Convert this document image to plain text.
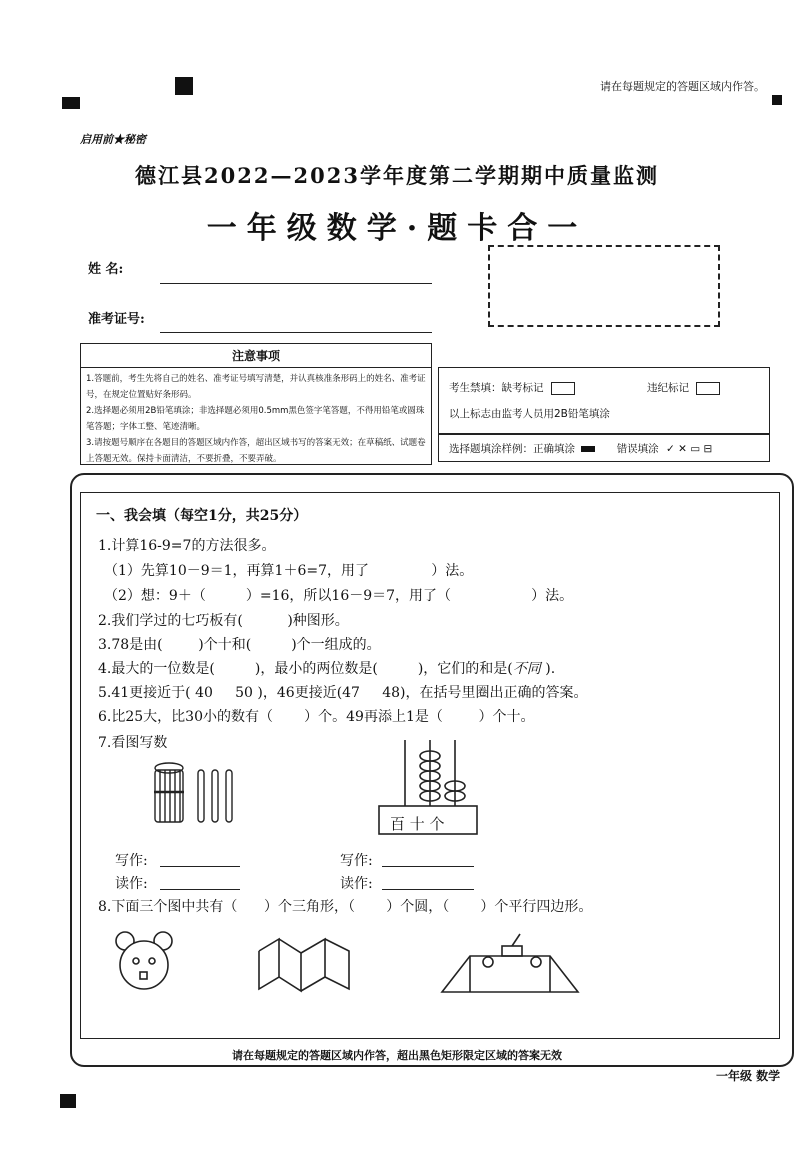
请在每题规定的答题区域内作答。
启用前★秘密
德江县2022—2023学年度第二学期期中质量监测
一年级数学·题卡合一
姓 名:
准考证号:
注意事项
1.答题前，考生先将自己的姓名、准考证号填写清楚，并认真核准条形码上的姓名、准考证号，在规定位置贴好条形码。
2.选择题必须用2B铅笔填涂；非选择题必须用0.5mm黑色签字笔答题，不得用铅笔或圆珠笔答题；字体工整、笔迹清晰。
3.请按题号顺序在各题目的答题区域内作答，超出区域书写的答案无效；在草稿纸、试题卷上答题无效。保持卡面清洁，不要折叠，不要弄破。
考生禁填：缺考标记	违纪标记
以上标志由监考人员用2B铅笔填涂
选择题填涂样例：正确填涂	错误填涂 ✓ ✕ ▭ ⊟
一、我会填（每空1分，共25分）
1.计算16-9=7的方法很多。
（1）先算10－9＝1，再算1＋6=7，用了              ）法。
（2）想：9＋（         ）=16，所以16－9＝7，用了（                  ）法。
2.我们学过的七巧板有(          )种图形。
3.78是由(        )个十和(         )个一组成的。
4.最大的一位数是(         )，最小的两位数是(         )，它们的和是(不同 ).
5.41更接近于( 40     50 )，46更接近(47     48)，在括号里圈出正确的答案。
6.比25大，比30小的数有（       ）个。49再添上1是（        ）个十。
7.看图写数
百 十 个
写作:
读作:
写作:
读作:
8.下面三个图中共有（      ）个三角形，（       ）个圆，（       ）个平行四边形。
请在每题规定的答题区域内作答，超出黑色矩形限定区域的答案无效
一年级 数学
